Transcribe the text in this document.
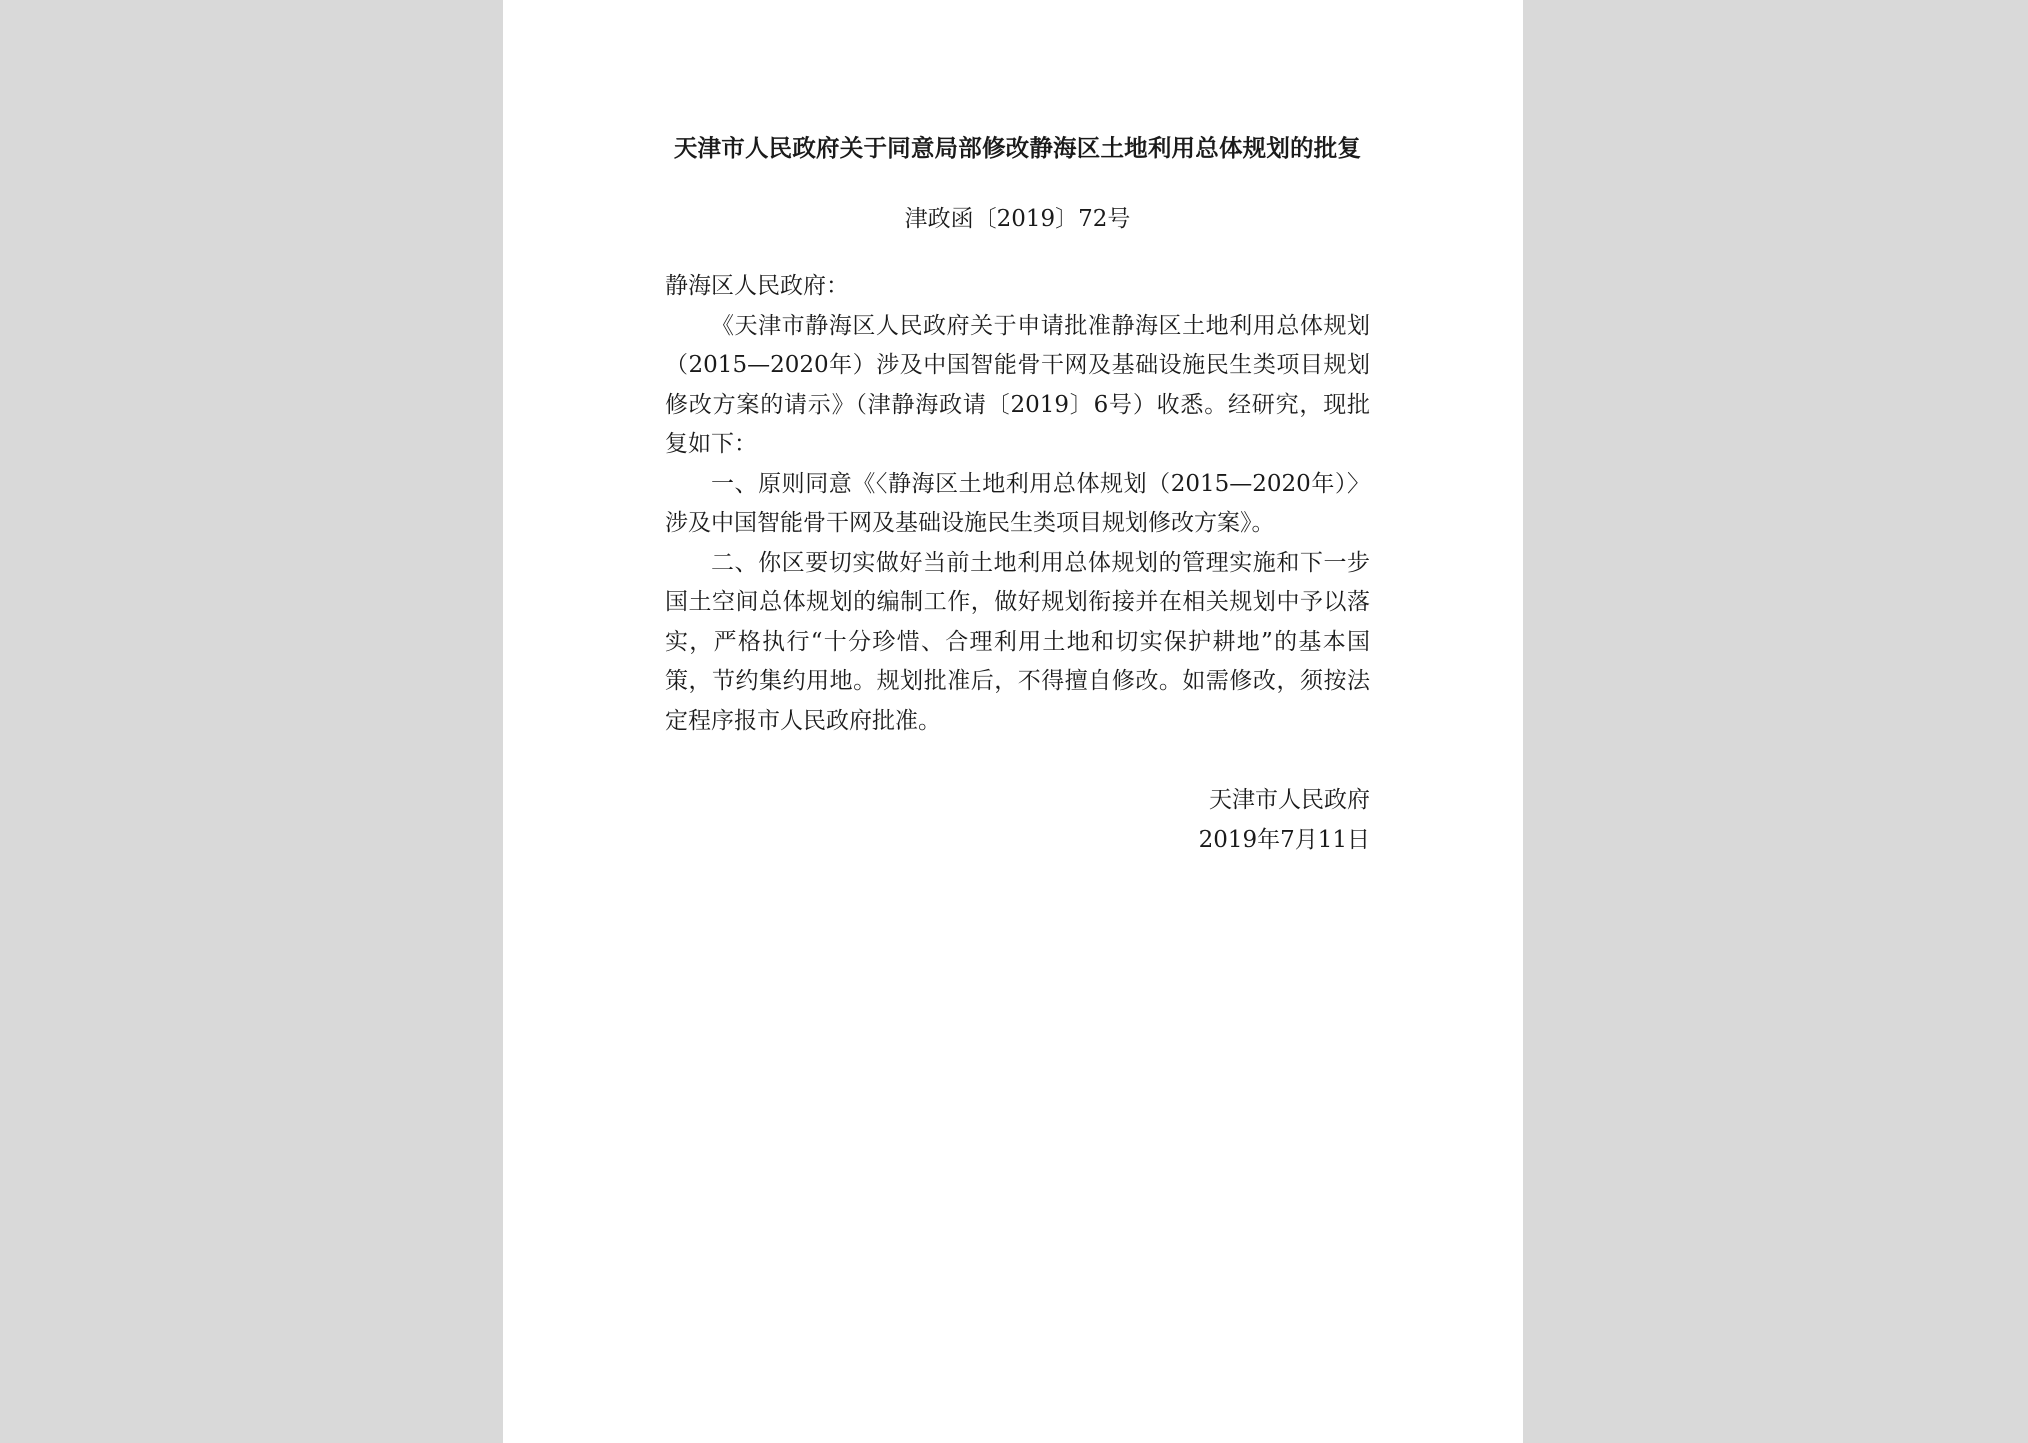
天津市人民政府关于同意局部修改静海区土地利用总体规划的批复
津政函〔2019〕72号
静海区人民政府：

《天津市静海区人民政府关于申请批准静海区土地利用总体规划（2015—2020年）涉及中国智能骨干网及基础设施民生类项目规划修改方案的请示》（津静海政请〔2019〕6号）收悉。经研究，现批复如下：

一、原则同意《〈静海区土地利用总体规划（2015—2020年）〉涉及中国智能骨干网及基础设施民生类项目规划修改方案》。

二、你区要切实做好当前土地利用总体规划的管理实施和下一步国土空间总体规划的编制工作，做好规划衔接并在相关规划中予以落实，严格执行“十分珍惜、合理利用土地和切实保护耕地”的基本国策，节约集约用地。规划批准后，不得擅自修改。如需修改，须按法定程序报市人民政府批准。

天津市人民政府
2019年7月11日
